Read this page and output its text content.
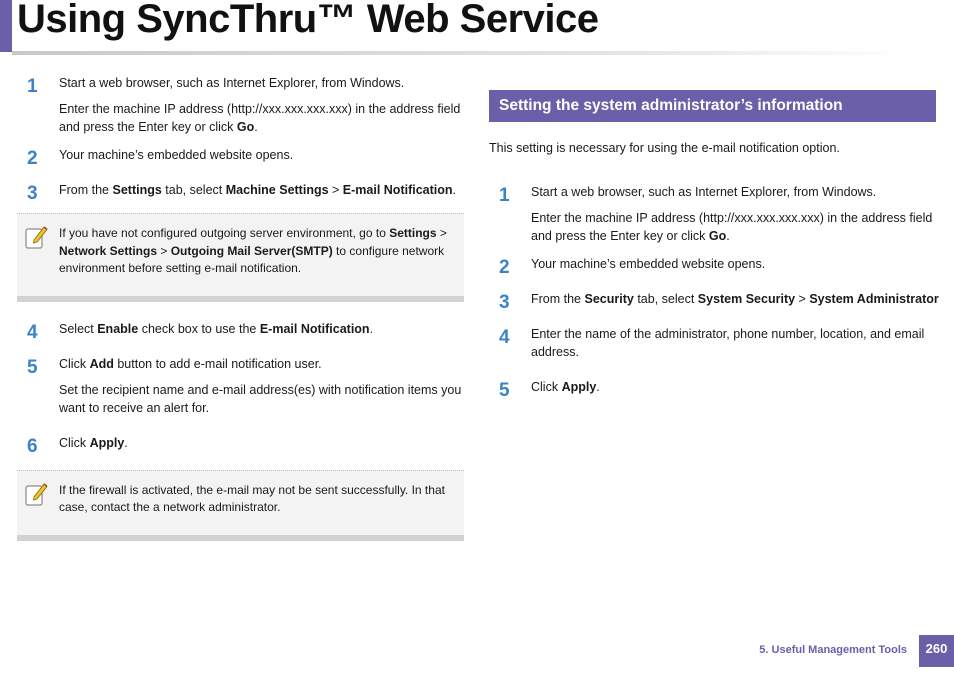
Using SyncThru™ Web Service
1 Start a web browser, such as Internet Explorer, from Windows.

Enter the machine IP address (http://xxx.xxx.xxx.xxx) in the address field and press the Enter key or click Go.

2 Your machine’s embedded website opens.

3 From the Settings tab, select Machine Settings > E-mail Notification.

If you have not configured outgoing server environment, go to Settings > Network Settings > Outgoing Mail Server(SMTP) to configure network environment before setting e-mail notification.

4 Select Enable check box to use the E-mail Notification.

5 Click Add button to add e-mail notification user.

Set the recipient name and e-mail address(es) with notification items you want to receive an alert for.

6 Click Apply.

If the firewall is activated, the e-mail may not be sent successfully. In that case, contact the a network administrator.

Setting the system administrator’s information

This setting is necessary for using the e-mail notification option.

1 Start a web browser, such as Internet Explorer, from Windows.

Enter the machine IP address (http://xxx.xxx.xxx.xxx) in the address field and press the Enter key or click Go.

2 Your machine’s embedded website opens.

3 From the Security tab, select System Security > System Administrator

4 Enter the name of the administrator, phone number, location, and email address.

5 Click Apply.

5. Useful Management Tools	260
